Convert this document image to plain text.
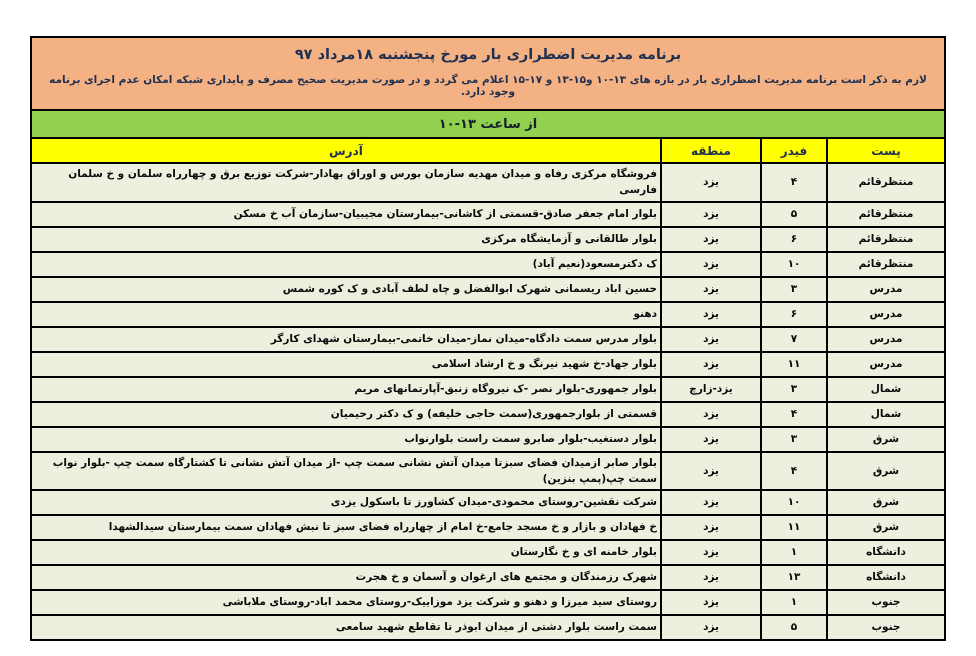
برنامه مدیریت اضطراری بار مورخ پنجشنبه ۱۸مرداد ۹۷
لازم به ذکر است برنامه مدیریت اضطراری بار در بازه های ۱۳-۱۰ و۱۵-۱۳ و ۱۷-۱۵ اعلام می گردد و در صورت مدیریت صحیح مصرف و پایداری شبکه امکان عدم اجرای برنامه وجود دارد.			

از ساعت ۱۳-۱۰			
پست	فیدر	منطقه	آدرس
منتظرقائم	۴	یزد	فروشگاه مرکزی رفاه و میدان مهدیه سازمان بورس و اوراق بهادار-شرکت توزیع برق و چهارراه سلمان و خ سلمان فارسی
منتظرقائم	۵	یزد	بلوار امام جعفر صادق-قسمتی از کاشانی-بیمارستان مجیبیان-سازمان آب خ مسکن
منتظرقائم	۶	یزد	بلوار طالقانی و آزمایشگاه مرکزی
منتظرقائم	۱۰	یزد	ک دکترمسعود(نعیم آباد)
مدرس	۳	یزد	حسین اباد ریسمانی شهرک ابوالفضل و چاه لطف آبادی و ک کوره شمس
مدرس	۶	یزد	دهنو
مدرس	۷	یزد	بلوار مدرس سمت دادگاه-میدان نماز-میدان خاتمی-بیمارستان شهدای کارگر
مدرس	۱۱	یزد	بلوار جهاد-خ شهید نیرنگ و خ ارشاد اسلامی
شمال	۳	یزد-زارچ	بلوار جمهوری-بلوار نصر -ک نیروگاه زنبق-آپارتمانهای مریم
شمال	۴	یزد	قسمتی از بلوارجمهوری(سمت حاجی خلیفه) و ک دکتر رحیمیان
شرق	۳	یزد	بلوار دستغیب-بلوار صابرو سمت راست بلوارنواب
شرق	۴	یزد	بلوار صابر ازمیدان فضای سبزتا میدان آتش نشانی سمت چپ -از میدان آتش نشانی تا کشتارگاه سمت چپ -بلوار نواب سمت چپ(پمپ بنزین)
شرق	۱۰	یزد	شرکت نقشین-روستای محمودی-میدان کشاورز تا باسکول یزدی
شرق	۱۱	یزد	خ فهادان و بازار و خ مسجد جامع-خ امام از چهارراه فضای سبز تا نبش فهادان سمت بیمارستان سیدالشهدا
دانشگاه	۱	یزد	بلوار خامنه ای و خ نگارستان
دانشگاه	۱۳	یزد	شهرک رزمندگان و مجتمع های ارغوان و آسمان و خ هجرت
جنوب	۱	یزد	روستای سید میرزا و دهنو و شرکت یزد موزاییک-روستای محمد اباد-روستای ملاباشی
جنوب	۵	یزد	سمت راست بلوار دشتی از میدان ابوذر تا تقاطع شهید سامعی
